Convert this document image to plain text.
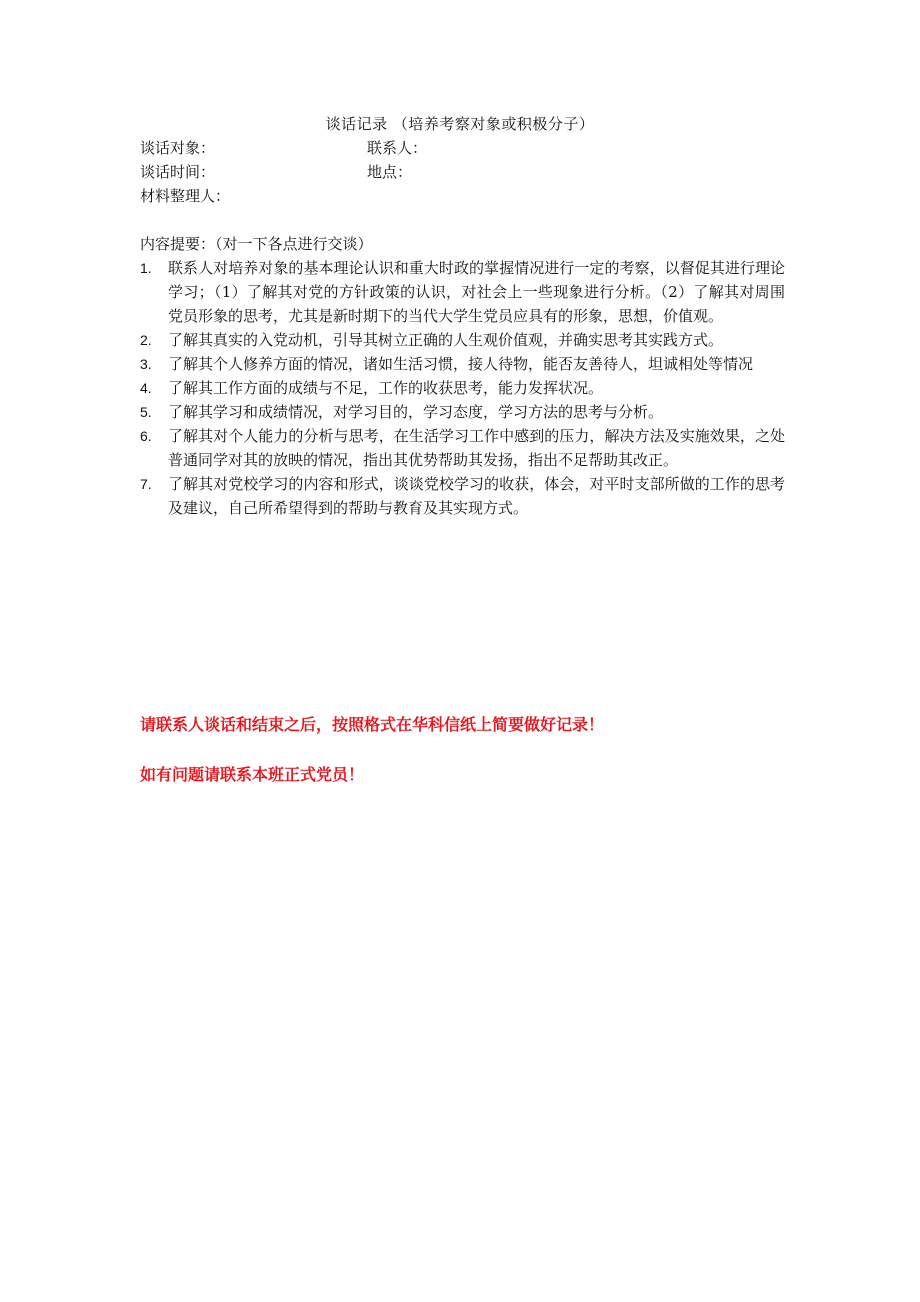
谈话记录 （培养考察对象或积极分子）
谈话对象：	联系人：
谈话时间：	地点：
材料整理人：
内容提要：（对一下各点进行交谈）
1.	联系人对培养对象的基本理论认识和重大时政的掌握情况进行一定的考察，以督促其进行理论学习；（1）了解其对党的方针政策的认识，对社会上一些现象进行分析。（2）了解其对周围党员形象的思考，尤其是新时期下的当代大学生党员应具有的形象，思想，价值观。
2.	了解其真实的入党动机，引导其树立正确的人生观价值观，并确实思考其实践方式。
3.	了解其个人修养方面的情况，诸如生活习惯，接人待物，能否友善待人，坦诚相处等情况
4.	了解其工作方面的成绩与不足，工作的收获思考，能力发挥状况。
5.	了解其学习和成绩情况，对学习目的，学习态度，学习方法的思考与分析。
6.	了解其对个人能力的分析与思考，在生活学习工作中感到的压力，解决方法及实施效果，之处普通同学对其的放映的情况，指出其优势帮助其发扬，指出不足帮助其改正。
7.	了解其对党校学习的内容和形式，谈谈党校学习的收获，体会，对平时支部所做的工作的思考及建议，自己所希望得到的帮助与教育及其实现方式。
请联系人谈话和结束之后，按照格式在华科信纸上简要做好记录！
如有问题请联系本班正式党员！
